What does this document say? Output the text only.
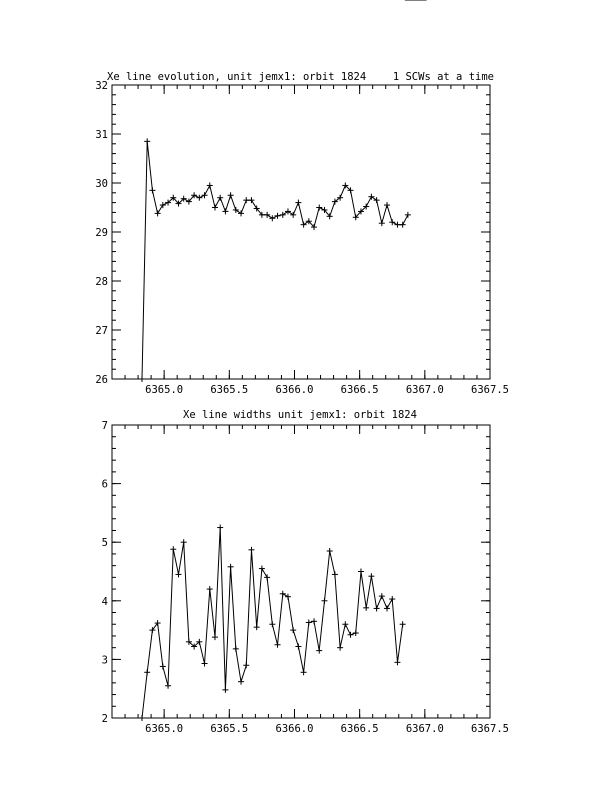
Xe line evolution, unit jemx1: orbit 1824	1 SCWs at a time
6365.0	6365.5	6366.0	6366.5	6367.0	6367.5
26
27
28
29
30
31
32
Xe line widths unit jemx1: orbit 1824
6365.0	6365.5	6366.0	6366.5	6367.0	6367.5
2
3
4
5
6
7
